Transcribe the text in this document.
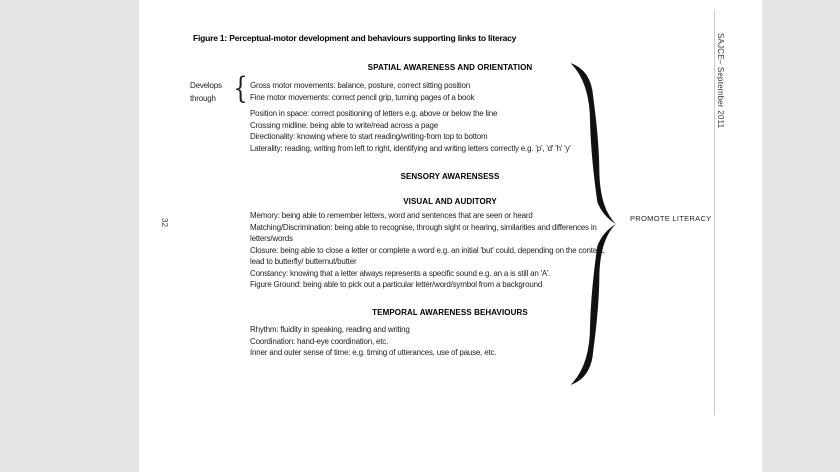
32
Figure 1: Perceptual-motor development and behaviours supporting links to literacy
SPATIAL AWARENESS AND ORIENTATION
Develops
through { Gross motor movements: balance, posture, correct sitting position
Fine motor movements: correct pencil grip, turning pages of a book
Position in space: correct positioning of letters e.g. above or below the line
Crossing midline: being able to write/read across a page
Directionality: knowing where to start reading/writing-from top to bottom
Laterality: reading, writing from left to right, identifying and writing letters correctly e.g. 'p', 'd' 'h' 'y'
SENSORY AWARENSESS
VISUAL AND AUDITORY
Memory: being able to remember letters, word and sentences that are seen or heard
Matching/Discrimination: being able to recognise, through sight or hearing, similarities and differences in letters/words
Closure: being able to close a letter or complete a word e.g. an initial 'but' could, depending on the context, lead to butterfly/ butternut/butter
Constancy: knowing that a letter always represents a specific sound e.g. an a is still an 'A'.
Figure Ground: being able to pick out a particular letter/word/symbol from a background
TEMPORAL AWARENESS BEHAVIOURS
Rhythm: fluidity in speaking, reading and writing
Coordination: hand-eye coordination, etc.
Inner and outer sense of time: e.g. timing of utterances, use of pause, etc.
PROMOTE LITERACY
SAJCE– September 2011
